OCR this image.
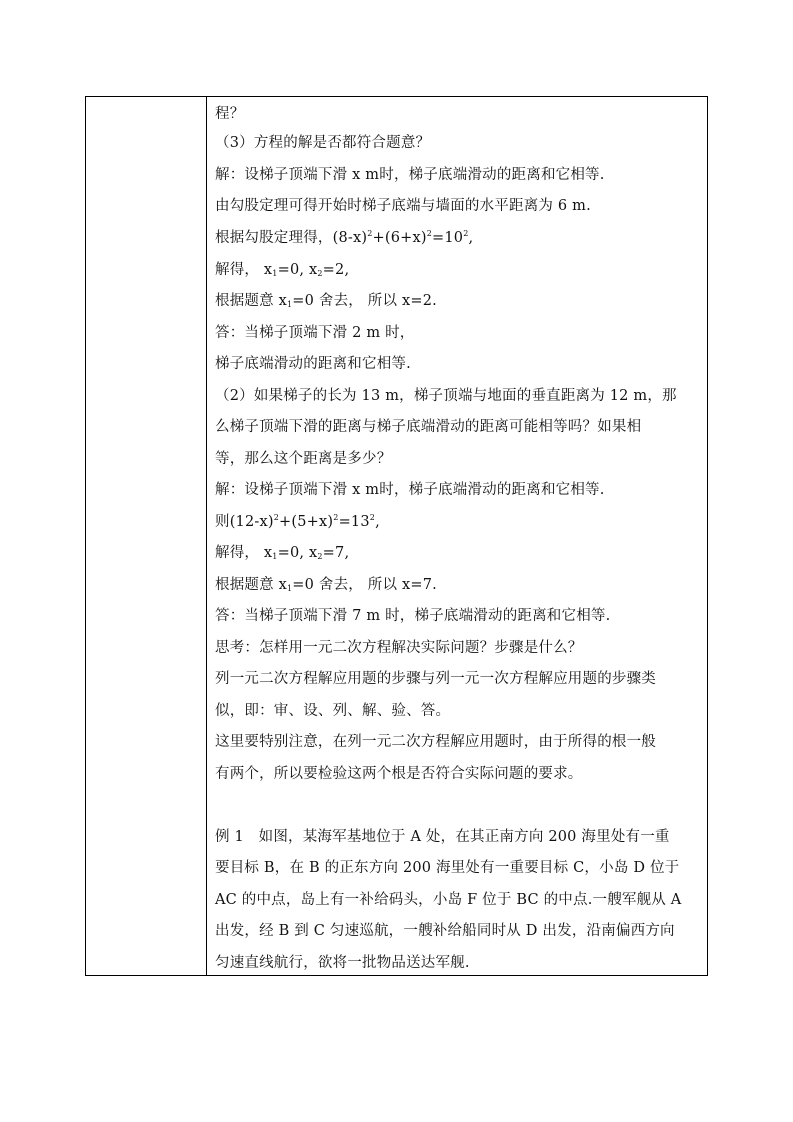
程？
（3）方程的解是否都符合题意？
解：设梯子顶端下滑 x m时，梯子底端滑动的距离和它相等.
由勾股定理可得开始时梯子底端与墙面的水平距离为 6 m.
根据勾股定理得，$(8-x)^2+(6+x)^2=10^2$,
解得， $x_1=0$, $x_2=2$,
根据题意 $x_1=0$ 舍去， 所以 x=2.
答：当梯子顶端下滑 2 m 时，
梯子底端滑动的距离和它相等.
（2）如果梯子的长为 13 m，梯子顶端与地面的垂直距离为 12 m，那
么梯子顶端下滑的距离与梯子底端滑动的距离可能相等吗？如果相
等，那么这个距离是多少？
解：设梯子顶端下滑 x m时，梯子底端滑动的距离和它相等.
则$(12-x)^2+(5+x)^2=13^2$,
解得， $x_1=0$, $x_2=7$,
根据题意 $x_1=0$ 舍去， 所以 x=7.
答：当梯子顶端下滑 7 m 时，梯子底端滑动的距离和它相等.
思考：怎样用一元二次方程解决实际问题？步骤是什么？
列一元二次方程解应用题的步骤与列一元一次方程解应用题的步骤类
似，即：审、设、列、解、验、答。
这里要特别注意，在列一元二次方程解应用题时，由于所得的根一般
有两个，所以要检验这两个根是否符合实际问题的要求。
例 1　如图，某海军基地位于 A 处，在其正南方向 200 海里处有一重
要目标 B，在 B 的正东方向 200 海里处有一重要目标 C，小岛 D 位于
AC 的中点，岛上有一补给码头，小岛 F 位于 BC 的中点.一艘军舰从 A
出发，经 B 到 C 匀速巡航，一艘补给船同时从 D 出发，沿南偏西方向
匀速直线航行，欲将一批物品送达军舰.
